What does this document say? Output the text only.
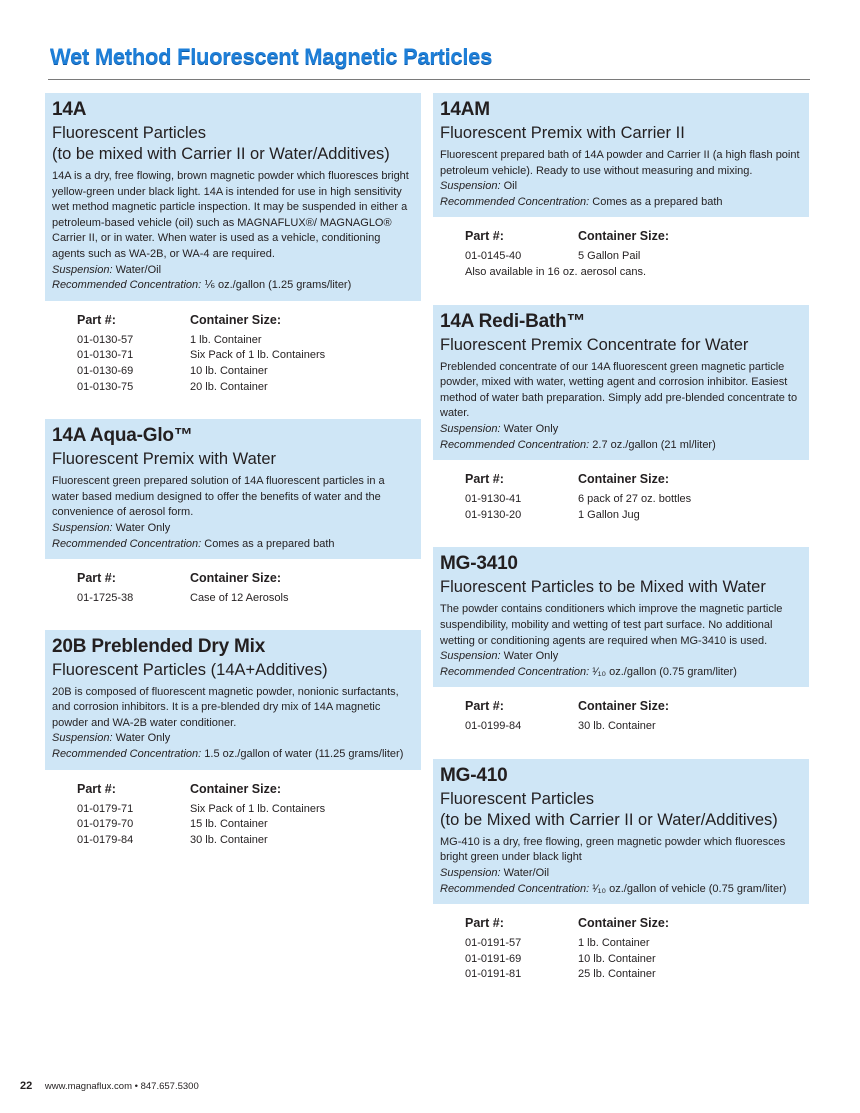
Wet Method Fluorescent Magnetic Particles
14A
Fluorescent Particles
(to be mixed with Carrier II or Water/Additives)

14A is a dry, free flowing, brown magnetic powder which fluoresces bright yellow-green under black light. 14A is intended for use in high sensitivity wet method magnetic particle inspection. It may be suspended in either a petroleum-based vehicle (oil) such as MAGNAFLUX®/ MAGNAGLO® Carrier II, or in water. When water is used as a vehicle, conditioning agents such as WA-2B, or WA-4 are required.

Suspension: Water/Oil
Recommended Concentration: ⅙ oz./gallon (1.25 grams/liter)
Part #:	Container Size:
01-0130-57	1 lb. Container
01-0130-71	Six Pack of 1 lb. Containers
01-0130-69	10 lb. Container
01-0130-75	20 lb. Container
14A Aqua-Glo™
Fluorescent Premix with Water

Fluorescent green prepared solution of 14A fluorescent particles in a water based medium designed to offer the benefits of water and the convenience of aerosol form.

Suspension: Water Only
Recommended Concentration: Comes as a prepared bath
Part #:	Container Size:
01-1725-38	Case of 12 Aerosols
20B Preblended Dry Mix
Fluorescent Particles (14A+Additives)

20B is composed of fluorescent magnetic powder, nonionic surfactants, and corrosion inhibitors. It is a pre-blended dry mix of 14A magnetic powder and WA-2B water conditioner.

Suspension: Water Only
Recommended Concentration: 1.5 oz./gallon of water (11.25 grams/liter)
Part #:	Container Size:
01-0179-71	Six Pack of 1 lb. Containers
01-0179-70	15 lb. Container
01-0179-84	30 lb. Container
14AM
Fluorescent Premix with Carrier II

Fluorescent prepared bath of 14A powder and Carrier II (a high flash point petroleum vehicle). Ready to use without measuring and mixing.

Suspension: Oil
Recommended Concentration: Comes as a prepared bath
Part #:	Container Size:
01-0145-40	5 Gallon Pail
Also available in 16 oz. aerosol cans.
14A Redi-Bath™
Fluorescent Premix Concentrate for Water

Preblended concentrate of our 14A fluorescent green magnetic particle powder, mixed with water, wetting agent and corrosion inhibitor. Easiest method of water bath preparation. Simply add pre-blended concentrate to water.

Suspension: Water Only
Recommended Concentration: 2.7 oz./gallon (21 ml/liter)
Part #:	Container Size:
01-9130-41	6 pack of 27 oz. bottles
01-9130-20	1 Gallon Jug
MG-3410
Fluorescent Particles to be Mixed with Water

The powder contains conditioners which improve the magnetic particle suspendibility, mobility and wetting of test part surface. No additional wetting or conditioning agents are required when MG-3410 is used.

Suspension: Water Only
Recommended Concentration: ¹⁄₁₀ oz./gallon (0.75 gram/liter)
Part #:	Container Size:
01-0199-84	30 lb. Container
MG-410
Fluorescent Particles
(to be Mixed with Carrier II or Water/Additives)

MG-410 is a dry, free flowing, green magnetic powder which fluoresces bright green under black light

Suspension: Water/Oil
Recommended Concentration: ¹⁄₁₀ oz./gallon of vehicle (0.75 gram/liter)
Part #:	Container Size:
01-0191-57	1 lb. Container
01-0191-69	10 lb. Container
01-0191-81	25 lb. Container
22 www.magnaflux.com • 847.657.5300
